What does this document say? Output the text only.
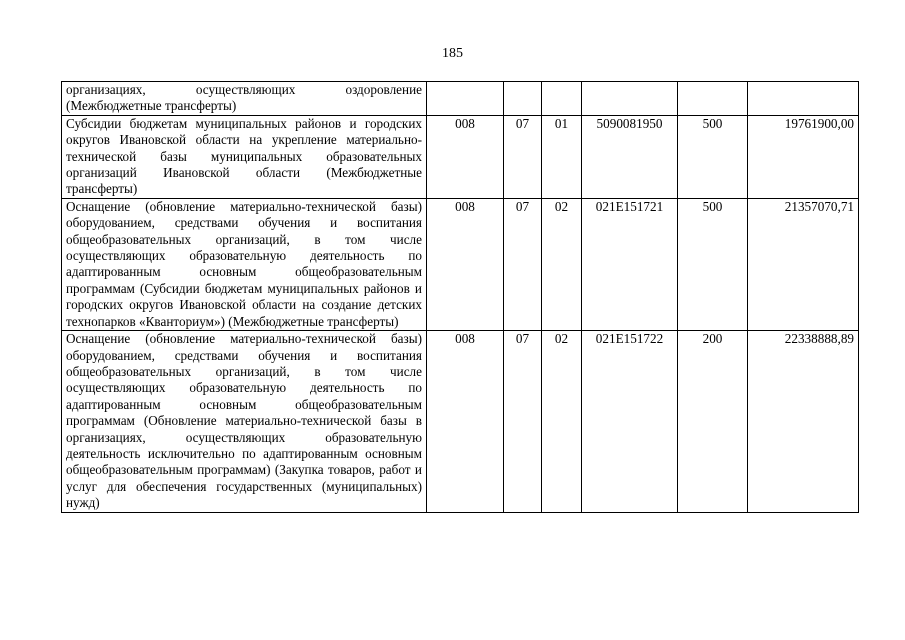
185
организациях, осуществляющих оздоровление (Межбюджетные трансферты)						
Субсидии бюджетам муниципальных районов и городских округов Ивановской области на укрепление материально-технической базы муниципальных образовательных организаций Ивановской области (Межбюджетные трансферты)	008	07	01	5090081950	500	19761900,00
Оснащение (обновление материально-технической базы) оборудованием, средствами обучения и воспитания общеобразовательных организаций, в том числе осуществляющих образовательную деятельность по адаптированным основным общеобразовательным программам (Субсидии бюджетам муниципальных районов и городских округов Ивановской области на создание детских технопарков «Кванториум») (Межбюджетные трансферты)	008	07	02	021E151721	500	21357070,71
Оснащение (обновление материально-технической базы) оборудованием, средствами обучения и воспитания общеобразовательных организаций, в том числе осуществляющих образовательную деятельность по адаптированным основным общеобразовательным программам (Обновление материально-технической базы в организациях, осуществляющих образовательную деятельность исключительно по адаптированным основным общеобразовательным программам) (Закупка товаров, работ и услуг для обеспечения государственных (муниципальных) нужд)	008	07	02	021E151722	200	22338888,89
